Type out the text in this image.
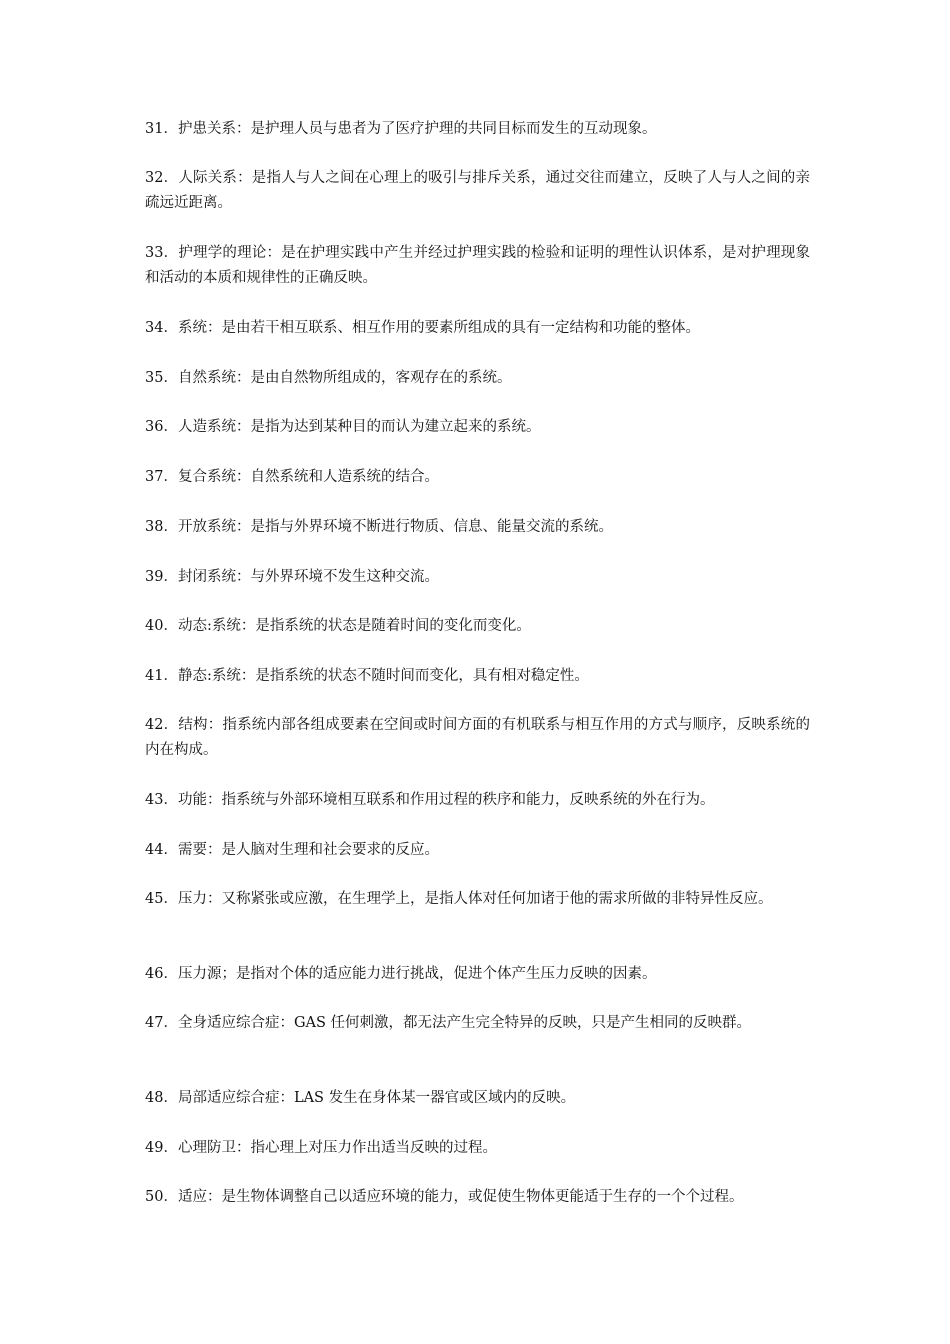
31．护患关系：是护理人员与患者为了医疗护理的共同目标而发生的互动现象。

32．人际关系：是指人与人之间在心理上的吸引与排斥关系，通过交往而建立，反映了人与人之间的亲疏远近距离。

33．护理学的理论：是在护理实践中产生并经过护理实践的检验和证明的理性认识体系，是对护理现象和活动的本质和规律性的正确反映。

34．系统：是由若干相互联系、相互作用的要素所组成的具有一定结构和功能的整体。

35．自然系统：是由自然物所组成的，客观存在的系统。

36．人造系统：是指为达到某种目的而认为建立起来的系统。

37．复合系统：自然系统和人造系统的结合。

38．开放系统：是指与外界环境不断进行物质、信息、能量交流的系统。

39．封闭系统：与外界环境不发生这种交流。

40．动态:系统：是指系统的状态是随着时间的变化而变化。

41．静态:系统：是指系统的状态不随时间而变化，具有相对稳定性。

42．结构：指系统内部各组成要素在空间或时间方面的有机联系与相互作用的方式与顺序，反映系统的内在构成。

43．功能：指系统与外部环境相互联系和作用过程的秩序和能力，反映系统的外在行为。

44．需要：是人脑对生理和社会要求的反应。

45．压力：又称紧张或应激，在生理学上，是指人体对任何加诸于他的需求所做的非特异性反应。

46．压力源；是指对个体的适应能力进行挑战，促进个体产生压力反映的因素。

47．全身适应综合症：GAS 任何刺激，都无法产生完全特异的反映，只是产生相同的反映群。

48．局部适应综合症：LAS 发生在身体某一器官或区域内的反映。

49．心理防卫：指心理上对压力作出适当反映的过程。

50．适应：是生物体调整自己以适应环境的能力，或促使生物体更能适于生存的一个个过程。
